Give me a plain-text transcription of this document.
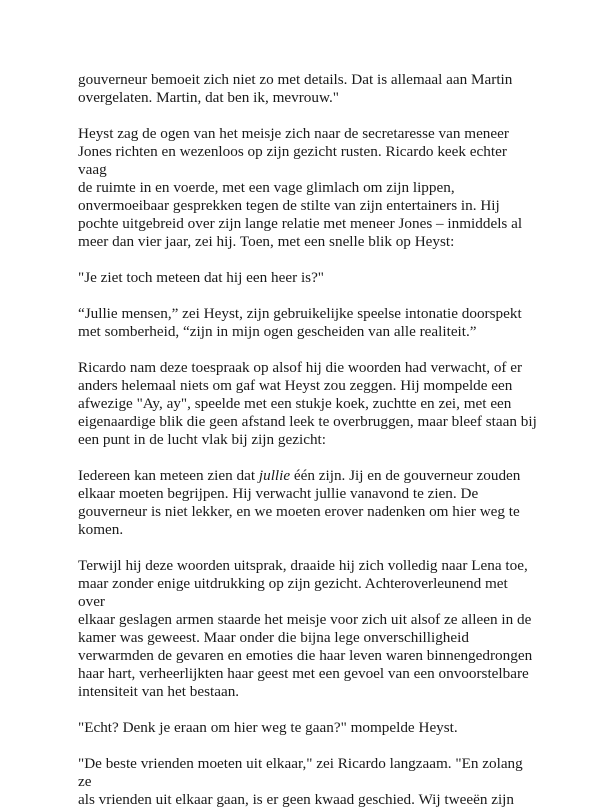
gouverneur bemoeit zich niet zo met details. Dat is allemaal aan Martin
overgelaten. Martin, dat ben ik, mevrouw."

Heyst zag de ogen van het meisje zich naar de secretaresse van meneer
Jones richten en wezenloos op zijn gezicht rusten. Ricardo keek echter vaag
de ruimte in en voerde, met een vage glimlach om zijn lippen,
onvermoeibaar gesprekken tegen de stilte van zijn entertainers in. Hij
pochte uitgebreid over zijn lange relatie met meneer Jones – inmiddels al
meer dan vier jaar, zei hij. Toen, met een snelle blik op Heyst:

"Je ziet toch meteen dat hij een heer is?"

“Jullie mensen,” zei Heyst, zijn gebruikelijke speelse intonatie doorspekt
met somberheid, “zijn in mijn ogen gescheiden van alle realiteit.”

Ricardo nam deze toespraak op alsof hij die woorden had verwacht, of er
anders helemaal niets om gaf wat Heyst zou zeggen. Hij mompelde een
afwezige "Ay, ay", speelde met een stukje koek, zuchtte en zei, met een
eigenaardige blik die geen afstand leek te overbruggen, maar bleef staan bij
een punt in de lucht vlak bij zijn gezicht:

Iedereen kan meteen zien dat jullie één zijn. Jij en de gouverneur zouden
elkaar moeten begrijpen. Hij verwacht jullie vanavond te zien. De
gouverneur is niet lekker, en we moeten erover nadenken om hier weg te
komen.

Terwijl hij deze woorden uitsprak, draaide hij zich volledig naar Lena toe,
maar zonder enige uitdrukking op zijn gezicht. Achteroverleunend met over
elkaar geslagen armen staarde het meisje voor zich uit alsof ze alleen in de
kamer was geweest. Maar onder die bijna lege onverschilligheid
verwarmden de gevaren en emoties die haar leven waren binnengedrongen
haar hart, verheerlijkten haar geest met een gevoel van een onvoorstelbare
intensiteit van het bestaan.

"Echt? Denk je eraan om hier weg te gaan?" mompelde Heyst.

"De beste vrienden moeten uit elkaar," zei Ricardo langzaam. "En zolang ze
als vrienden uit elkaar gaan, is er geen kwaad geschied. Wij tweeën zijn
